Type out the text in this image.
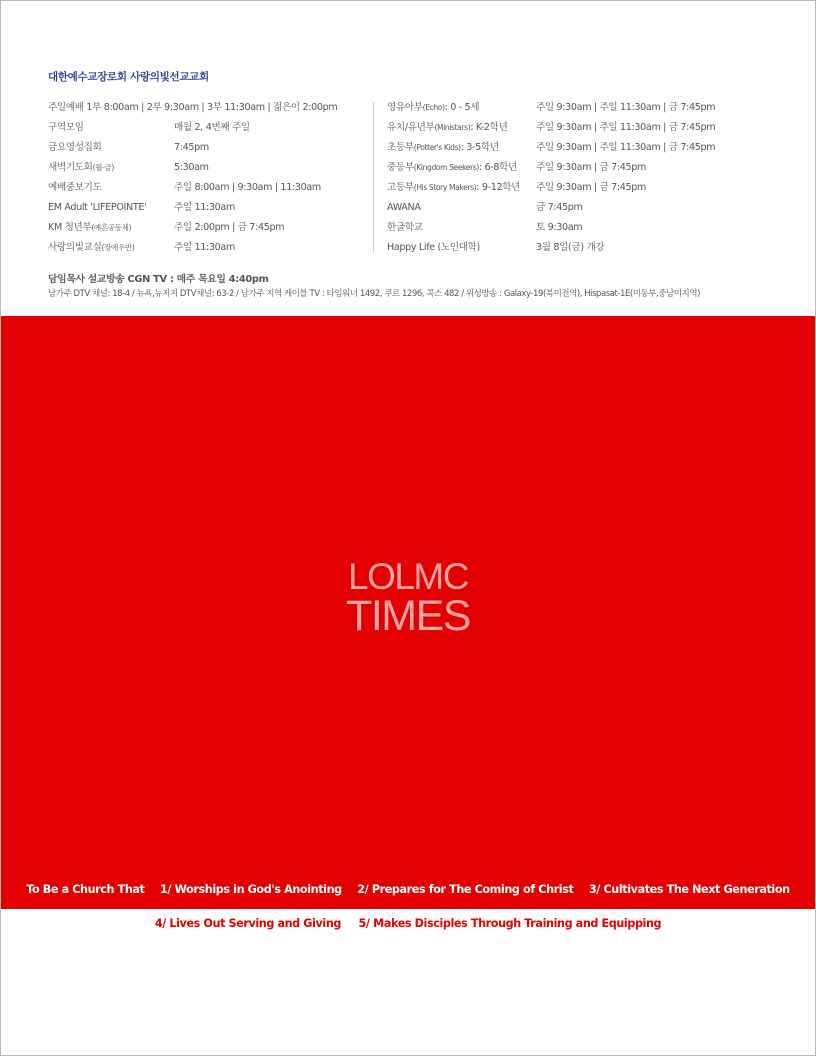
대한예수교장로회 사랑의빛선교교회
주일예배 1부 8:00am | 2부 9:30am | 3부 11:30am | 젊은이 2:00pm
구역모임	매월 2, 4번째 주일
금요영성집회	7:45pm
새벽기도회(월-금)	5:30am
예배중보기도	주일 8:00am | 9:30am | 11:30am
EM Adult 'LIFEPOINTE'	주일 11:30am
KM 청년부(예흔공동체)	주일 2:00pm | 금 7:45pm
사랑의빛교실(장애우반)	주일 11:30am
영유아부(Echo): 0 - 5세	주일 9:30am | 주일 11:30am | 금 7:45pm
유치/유년부(Ministars): K-2학년	주일 9:30am | 주일 11:30am | 금 7:45pm
초등부(Potter's Kids): 3-5학년	주일 9:30am | 주일 11:30am | 금 7:45pm
중등부(Kingdom Seekers): 6-8학년 주일 9:30am | 금 7:45pm
고등부(His Story Makers): 9-12학년 주일 9:30am | 금 7:45pm
AWANA	금 7:45pm
한글학교	토 9:30am
Happy Life (노인대학)	3월 8일(금) 개강
담임목사 설교방송 CGN TV : 매주 목요일 4:40pm
남가주 DTV 채널: 18-4 / 뉴욕,뉴저지 DTV채널: 63-2 / 남가주 지역 케이블 TV : 타임워너 1492, 쿠르 1296, 콕스 482 / 위성방송 : Galaxy-19(북미전역), Hispasat-1E(미동부,중남미지역)
LOLMC
TIMES
To Be a Church That 1/ Worships in God's Anointing 2/ Prepares for The Coming of Christ 3/ Cultivates The Next Generation
4/ Lives Out Serving and Giving 5/ Makes Disciples Through Training and Equipping
